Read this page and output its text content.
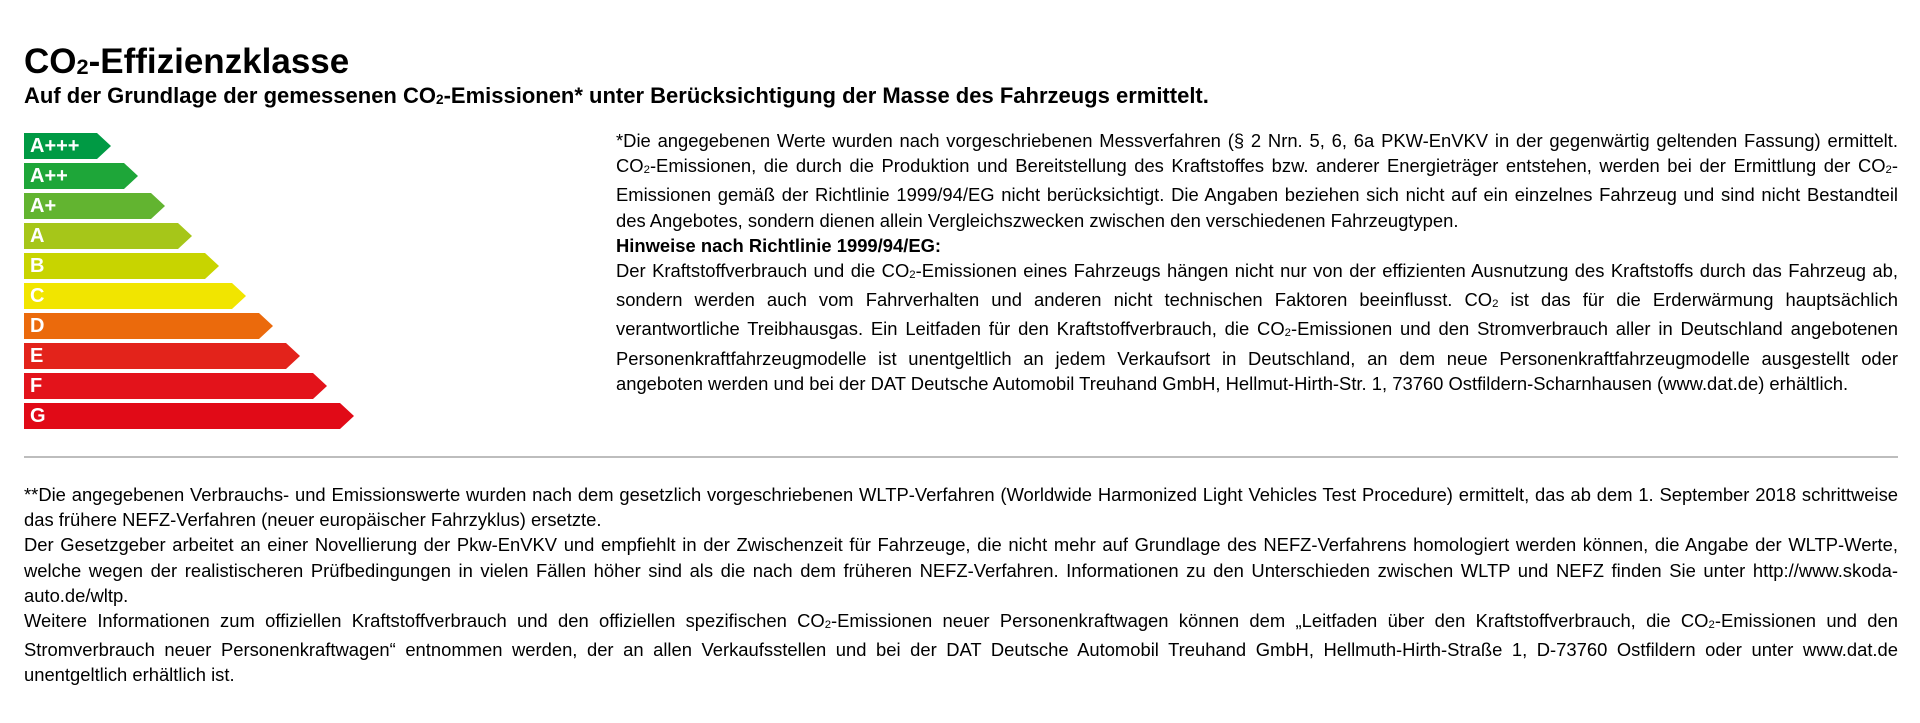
$CO_2$-Effizienzklasse
Auf der Grundlage der gemessenen $CO_2-Emissionen*$ unter Berücksichtigung der Masse des Fahrzeugs ermittelt.
A+++
A++
A+
A
B
C
D
E
F
G

*Die angegebenen Werte wurden nach vorgeschriebenen Messverfahren (§ 2 Nrn. 5, 6, 6a PKW-EnVKV in der gegenwärtig geltenden Fassung) ermittelt. $CO_2$-Emissionen, die durch die Produktion und Bereitstellung des Kraftstoffes bzw. anderer Energieträger entstehen, werden bei der Ermittlung der $CO_2$-Emissionen gemäß der Richtlinie 1999/94/EG nicht berücksichtigt. Die Angaben beziehen sich nicht auf ein einzelnes Fahrzeug und sind nicht Bestandteil des Angebotes, sondern dienen allein Vergleichszwecken zwischen den verschiedenen Fahrzeugtypen.

Hinweise nach Richtlinie 1999/94/EG:

Der Kraftstoffverbrauch und die $CO_2$-Emissionen eines Fahrzeugs hängen nicht nur von der effizienten Ausnutzung des Kraftstoffs durch das Fahrzeug ab, sondern werden auch vom Fahrverhalten und anderen nicht technischen Faktoren beeinflusst. $CO_2$ ist das für die Erderwärmung hauptsächlich verantwortliche Treibhausgas. Ein Leitfaden für den Kraftstoffverbrauch, die $CO_2$-Emissionen und den Stromverbrauch aller in Deutschland angebotenen Personenkraftfahrzeugmodelle ist unentgeltlich an jedem Verkaufsort in Deutschland, an dem neue Personenkraftfahrzeugmodelle ausgestellt oder angeboten werden und bei der DAT Deutsche Automobil Treuhand GmbH, Hellmut-Hirth-Str. 1, 73760 Ostfildern-Scharnhausen (www.dat.de) erhältlich.

**Die angegebenen Verbrauchs- und Emissionswerte wurden nach dem gesetzlich vorgeschriebenen WLTP-Verfahren (Worldwide Harmonized Light Vehicles Test Procedure) ermittelt, das ab dem 1. September 2018 schrittweise das frühere NEFZ-Verfahren (neuer europäischer Fahrzyklus) ersetzte.

Der Gesetzgeber arbeitet an einer Novellierung der Pkw-EnVKV und empfiehlt in der Zwischenzeit für Fahrzeuge, die nicht mehr auf Grundlage des NEFZ-Verfahrens homologiert werden können, die Angabe der WLTP-Werte, welche wegen der realistischeren Prüfbedingungen in vielen Fällen höher sind als die nach dem früheren NEFZ-Verfahren. Informationen zu den Unterschieden zwischen WLTP und NEFZ finden Sie unter http://www.skoda-auto.de/wltp.

Weitere Informationen zum offiziellen Kraftstoffverbrauch und den offiziellen spezifischen $CO_2$-Emissionen neuer Personenkraftwagen können dem „Leitfaden über den Kraftstoffverbrauch, die $CO_2$-Emissionen und den Stromverbrauch neuer Personenkraftwagen“ entnommen werden, der an allen Verkaufsstellen und bei der DAT Deutsche Automobil Treuhand GmbH, Hellmuth-Hirth-Straße 1, D-73760 Ostfildern oder unter www.dat.de unentgeltlich erhältlich ist.
